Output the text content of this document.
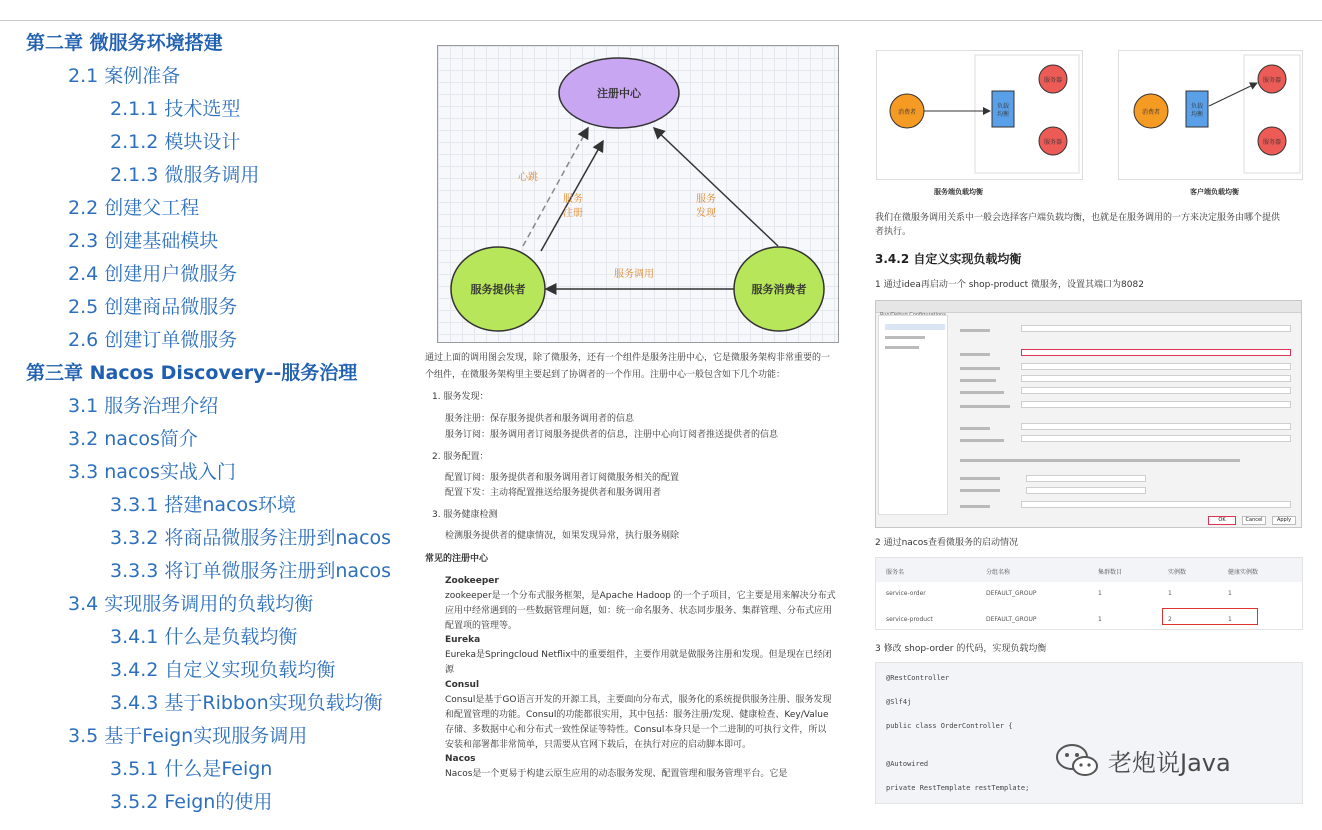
第二章 微服务环境搭建
2.1 案例准备
2.1.1 技术选型
2.1.2 模块设计
2.1.3 微服务调用
2.2 创建父工程
2.3 创建基础模块
2.4 创建用户微服务
2.5 创建商品微服务
2.6 创建订单微服务
第三章 Nacos Discovery--服务治理
3.1 服务治理介绍
3.2 nacos简介
3.3 nacos实战入门
3.3.1 搭建nacos环境
3.3.2 将商品微服务注册到nacos
3.3.3 将订单微服务注册到nacos
3.4 实现服务调用的负载均衡
3.4.1 什么是负载均衡
3.4.2 自定义实现负载均衡
3.4.3 基于Ribbon实现负载均衡
3.5 基于Feign实现服务调用
3.5.1 什么是Feign
3.5.2 Feign的使用
注册中心
服务提供者	服务消费者
心跳
服务
注册
服务
发现
服务调用
通过上面的调用图会发现，除了微服务，还有一个组件是服务注册中心，它是微服务架构非常重要的一
个组件，在微服务架构里主要起到了协调者的一个作用。注册中心一般包含如下几个功能：
1. 服务发现：
• 服务注册：保存服务提供者和服务调用者的信息
• 服务订阅：服务调用者订阅服务提供者的信息，注册中心向订阅者推送提供者的信息
2. 服务配置：
• 配置订阅：服务提供者和服务调用者订阅微服务相关的配置
• 配置下发：主动将配置推送给服务提供者和服务调用者
3. 服务健康检测
• 检测服务提供者的健康情况，如果发现异常，执行服务剔除
常见的注册中心
• Zookeeper
zookeeper是一个分布式服务框架，是Apache Hadoop 的一个子项目，它主要是用来解决分布式
应用中经常遇到的一些数据管理问题，如：统一命名服务、状态同步服务、集群管理、分布式应用
配置项的管理等。
• Eureka
Eureka是Springcloud Netflix中的重要组件，主要作用就是做服务注册和发现。但是现在已经闭
源
• Consul
Consul是基于GO语言开发的开源工具，主要面向分布式，服务化的系统提供服务注册、服务发现
和配置管理的功能。Consul的功能都很实用，其中包括：服务注册/发现、健康检查、Key/Value
存储、多数据中心和分布式一致性保证等特性。Consul本身只是一个二进制的可执行文件，所以
安装和部署都非常简单，只需要从官网下载后，在执行对应的启动脚本即可。
• Nacos
Nacos是一个更易于构建云原生应用的动态服务发现、配置管理和服务管理平台。它是
消费者
负载
均衡
服务器
服务器
消费者
负载
均衡
服务器
服务器
服务端负载均衡	客户端负载均衡
我们在微服务调用关系中一般会选择客户端负载均衡，也就是在服务调用的一方来决定服务由哪个提供
者执行。
3.4.2 自定义实现负载均衡
1 通过idea再启动一个 shop-product 微服务，设置其端口为8082
OK	Cancel	Apply
2 通过nacos查看微服务的启动情况
服务名	分组名称	集群数目	实例数	健康实例数
service-order	DEFAULT_GROUP	1	1	1
service-product	DEFAULT_GROUP	1	2	1
3 修改 shop-order 的代码，实现负载均衡
@RestController
@Slf4j
public class OrderController {
@Autowired
private RestTemplate restTemplate;
老炮说Java
